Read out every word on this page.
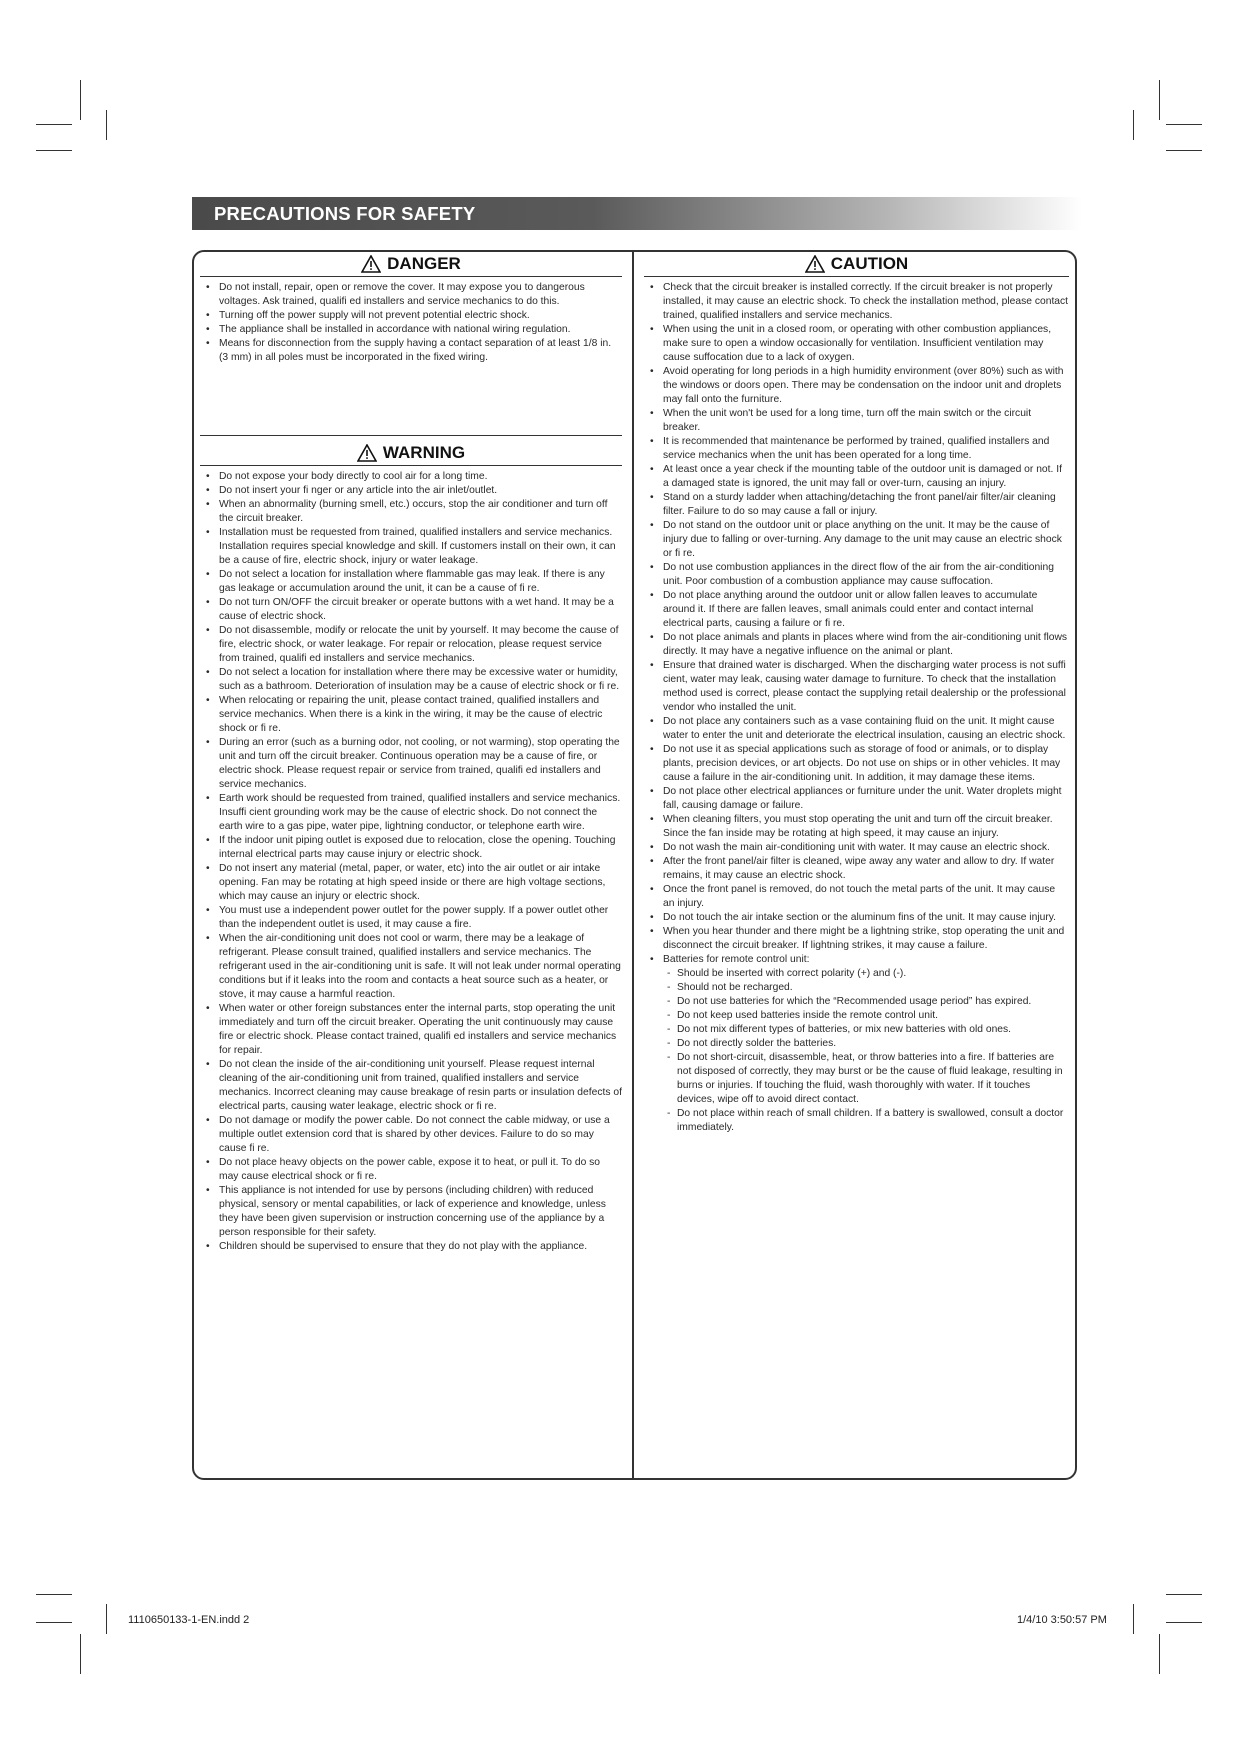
PRECAUTIONS FOR SAFETY
DANGER
• Do not install, repair, open or remove the cover. It may expose you to dangerous voltages. Ask trained, qualifi ed installers and service mechanics to do this.
• Turning off the power supply will not prevent potential electric shock.
• The appliance shall be installed in accordance with national wiring regulation.
• Means for disconnection from the supply having a contact separation of at least 1/8 in. (3 mm) in all poles must be incorporated in the fixed wiring.
WARNING
• Do not expose your body directly to cool air for a long time.
• Do not insert your fi nger or any article into the air inlet/outlet.
• When an abnormality (burning smell, etc.) occurs, stop the air conditioner and turn off the circuit breaker.
• Installation must be requested from trained, qualified installers and service mechanics. Installation requires special knowledge and skill. If customers install on their own, it can be a cause of fire, electric shock, injury or water leakage.
• Do not select a location for installation where flammable gas may leak. If there is any gas leakage or accumulation around the unit, it can be a cause of fi re.
• Do not turn ON/OFF the circuit breaker or operate buttons with a wet hand. It may be a cause of electric shock.
• Do not disassemble, modify or relocate the unit by yourself. It may become the cause of fire, electric shock, or water leakage. For repair or relocation, please request service from trained, qualifi ed installers and service mechanics.
• Do not select a location for installation where there may be excessive water or humidity, such as a bathroom. Deterioration of insulation may be a cause of electric shock or fi re.
• When relocating or repairing the unit, please contact trained, qualified installers and service mechanics. When there is a kink in the wiring, it may be the cause of electric shock or fi re.
• During an error (such as a burning odor, not cooling, or not warming), stop operating the unit and turn off the circuit breaker. Continuous operation may be a cause of fire, or electric shock. Please request repair or service from trained, qualifi ed installers and service mechanics.
• Earth work should be requested from trained, qualified installers and service mechanics. Insuffi cient grounding work may be the cause of electric shock. Do not connect the earth wire to a gas pipe, water pipe, lightning conductor, or telephone earth wire.
• If the indoor unit piping outlet is exposed due to relocation, close the opening. Touching internal electrical parts may cause injury or electric shock.
• Do not insert any material (metal, paper, or water, etc) into the air outlet or air intake opening. Fan may be rotating at high speed inside or there are high voltage sections, which may cause an injury or electric shock.
• You must use a independent power outlet for the power supply. If a power outlet other than the independent outlet is used, it may cause a fire.
• When the air-conditioning unit does not cool or warm, there may be a leakage of refrigerant. Please consult trained, qualified installers and service mechanics. The refrigerant used in the air-conditioning unit is safe. It will not leak under normal operating conditions but if it leaks into the room and contacts a heat source such as a heater, or stove, it may cause a harmful reaction.
• When water or other foreign substances enter the internal parts, stop operating the unit immediately and turn off the circuit breaker. Operating the unit continuously may cause fire or electric shock. Please contact trained, qualifi ed installers and service mechanics for repair.
• Do not clean the inside of the air-conditioning unit yourself. Please request internal cleaning of the air-conditioning unit from trained, qualified installers and service mechanics. Incorrect cleaning may cause breakage of resin parts or insulation defects of electrical parts, causing water leakage, electric shock or fi re.
• Do not damage or modify the power cable. Do not connect the cable midway, or use a multiple outlet extension cord that is shared by other devices. Failure to do so may cause fi re.
• Do not place heavy objects on the power cable, expose it to heat, or pull it. To do so may cause electrical shock or fi re.
• This appliance is not intended for use by persons (including children) with reduced physical, sensory or mental capabilities, or lack of experience and knowledge, unless they have been given supervision or instruction concerning use of the appliance by a person responsible for their safety.
• Children should be supervised to ensure that they do not play with the appliance.
CAUTION
• Check that the circuit breaker is installed correctly. If the circuit breaker is not properly installed, it may cause an electric shock. To check the installation method, please contact trained, qualified installers and service mechanics.
• When using the unit in a closed room, or operating with other combustion appliances, make sure to open a window occasionally for ventilation. Insufficient ventilation may cause suffocation due to a lack of oxygen.
• Avoid operating for long periods in a high humidity environment (over 80%) such as with the windows or doors open. There may be condensation on the indoor unit and droplets may fall onto the furniture.
• When the unit won't be used for a long time, turn off the main switch or the circuit breaker.
• It is recommended that maintenance be performed by trained, qualified installers and service mechanics when the unit has been operated for a long time.
• At least once a year check if the mounting table of the outdoor unit is damaged or not. If a damaged state is ignored, the unit may fall or over-turn, causing an injury.
• Stand on a sturdy ladder when attaching/detaching the front panel/air filter/air cleaning filter. Failure to do so may cause a fall or injury.
• Do not stand on the outdoor unit or place anything on the unit. It may be the cause of injury due to falling or over-turning. Any damage to the unit may cause an electric shock or fi re.
• Do not use combustion appliances in the direct flow of the air from the air-conditioning unit. Poor combustion of a combustion appliance may cause suffocation.
• Do not place anything around the outdoor unit or allow fallen leaves to accumulate around it. If there are fallen leaves, small animals could enter and contact internal electrical parts, causing a failure or fi re.
• Do not place animals and plants in places where wind from the air-conditioning unit flows directly. It may have a negative influence on the animal or plant.
• Ensure that drained water is discharged. When the discharging water process is not suffi cient, water may leak, causing water damage to furniture. To check that the installation method used is correct, please contact the supplying retail dealership or the professional vendor who installed the unit.
• Do not place any containers such as a vase containing fluid on the unit. It might cause water to enter the unit and deteriorate the electrical insulation, causing an electric shock.
• Do not use it as special applications such as storage of food or animals, or to display plants, precision devices, or art objects. Do not use on ships or in other vehicles. It may cause a failure in the air-conditioning unit. In addition, it may damage these items.
• Do not place other electrical appliances or furniture under the unit. Water droplets might fall, causing damage or failure.
• When cleaning filters, you must stop operating the unit and turn off the circuit breaker. Since the fan inside may be rotating at high speed, it may cause an injury.
• Do not wash the main air-conditioning unit with water. It may cause an electric shock.
• After the front panel/air filter is cleaned, wipe away any water and allow to dry. If water remains, it may cause an electric shock.
• Once the front panel is removed, do not touch the metal parts of the unit. It may cause an injury.
• Do not touch the air intake section or the aluminum fins of the unit. It may cause injury.
• When you hear thunder and there might be a lightning strike, stop operating the unit and disconnect the circuit breaker. If lightning strikes, it may cause a failure.
• Batteries for remote control unit:
- Should be inserted with correct polarity (+) and (-).
- Should not be recharged.
- Do not use batteries for which the “Recommended usage period” has expired.
- Do not keep used batteries inside the remote control unit.
- Do not mix different types of batteries, or mix new batteries with old ones.
- Do not directly solder the batteries.
- Do not short-circuit, disassemble, heat, or throw batteries into a fire. If batteries are not disposed of correctly, they may burst or be the cause of fluid leakage, resulting in burns or injuries. If touching the fluid, wash thoroughly with water. If it touches devices, wipe off to avoid direct contact.
- Do not place within reach of small children. If a battery is swallowed, consult a doctor immediately.
1110650133-1-EN.indd 2	1/4/10 3:50:57 PM
